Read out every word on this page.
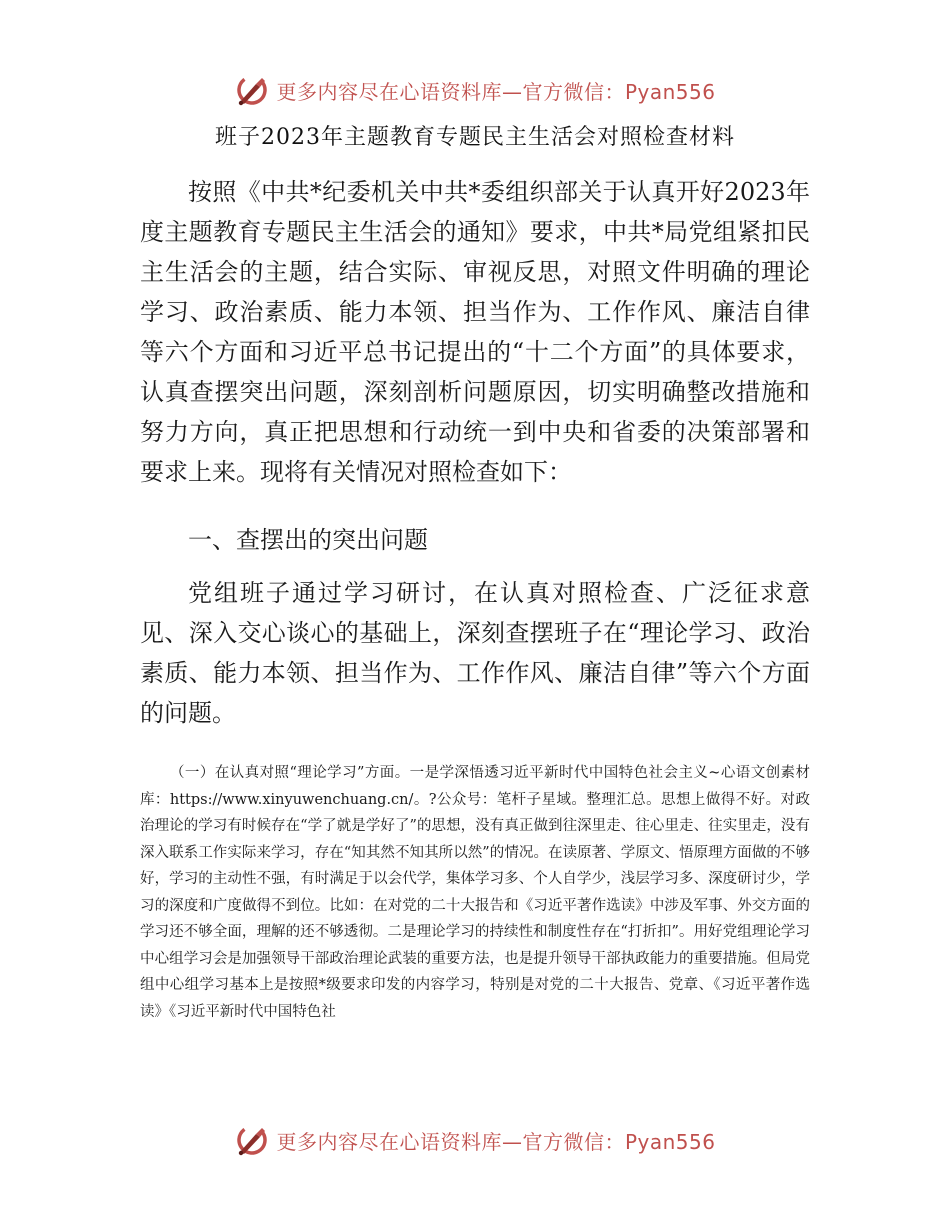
更多内容尽在心语资料库—官方微信：Pyan556
班子2023年主题教育专题民主生活会对照检查材料

按照《中共*纪委机关中共*委组织部关于认真开好2023年度主题教育专题民主生活会的通知》要求，中共*局党组紧扣民主生活会的主题，结合实际、审视反思，对照文件明确的理论学习、政治素质、能力本领、担当作为、工作作风、廉洁自律等六个方面和习近平总书记提出的“十二个方面”的具体要求，认真查摆突出问题，深刻剖析问题原因，切实明确整改措施和努力方向，真正把思想和行动统一到中央和省委的决策部署和要求上来。现将有关情况对照检查如下：

一、查摆出的突出问题

党组班子通过学习研讨，在认真对照检查、广泛征求意见、深入交心谈心的基础上，深刻查摆班子在“理论学习、政治素质、能力本领、担当作为、工作作风、廉洁自律”等六个方面的问题。

（一）在认真对照“理论学习”方面。一是学深悟透习近平新时代中国特色社会主义~心语文创素材库：https://www.xinyuwenchuang.cn/。?公众号：笔杆子星域。整理汇总。思想上做得不好。对政治理论的学习有时候存在“学了就是学好了”的思想，没有真正做到往深里走、往心里走、往实里走，没有深入联系工作实际来学习，存在“知其然不知其所以然”的情况。在读原著、学原文、悟原理方面做的不够好，学习的主动性不强，有时满足于以会代学，集体学习多、个人自学少，浅层学习多、深度研讨少，学习的深度和广度做得不到位。比如：在对党的二十大报告和《习近平著作选读》中涉及军事、外交方面的学习还不够全面，理解的还不够透彻。二是理论学习的持续性和制度性存在“打折扣”。用好党组理论学习中心组学习会是加强领导干部政治理论武装的重要方法，也是提升领导干部执政能力的重要措施。但局党组中心组学习基本上是按照*级要求印发的内容学习，特别是对党的二十大报告、党章、《习近平著作选读》《习近平新时代中国特色社

更多内容尽在心语资料库—官方微信：Pyan556
